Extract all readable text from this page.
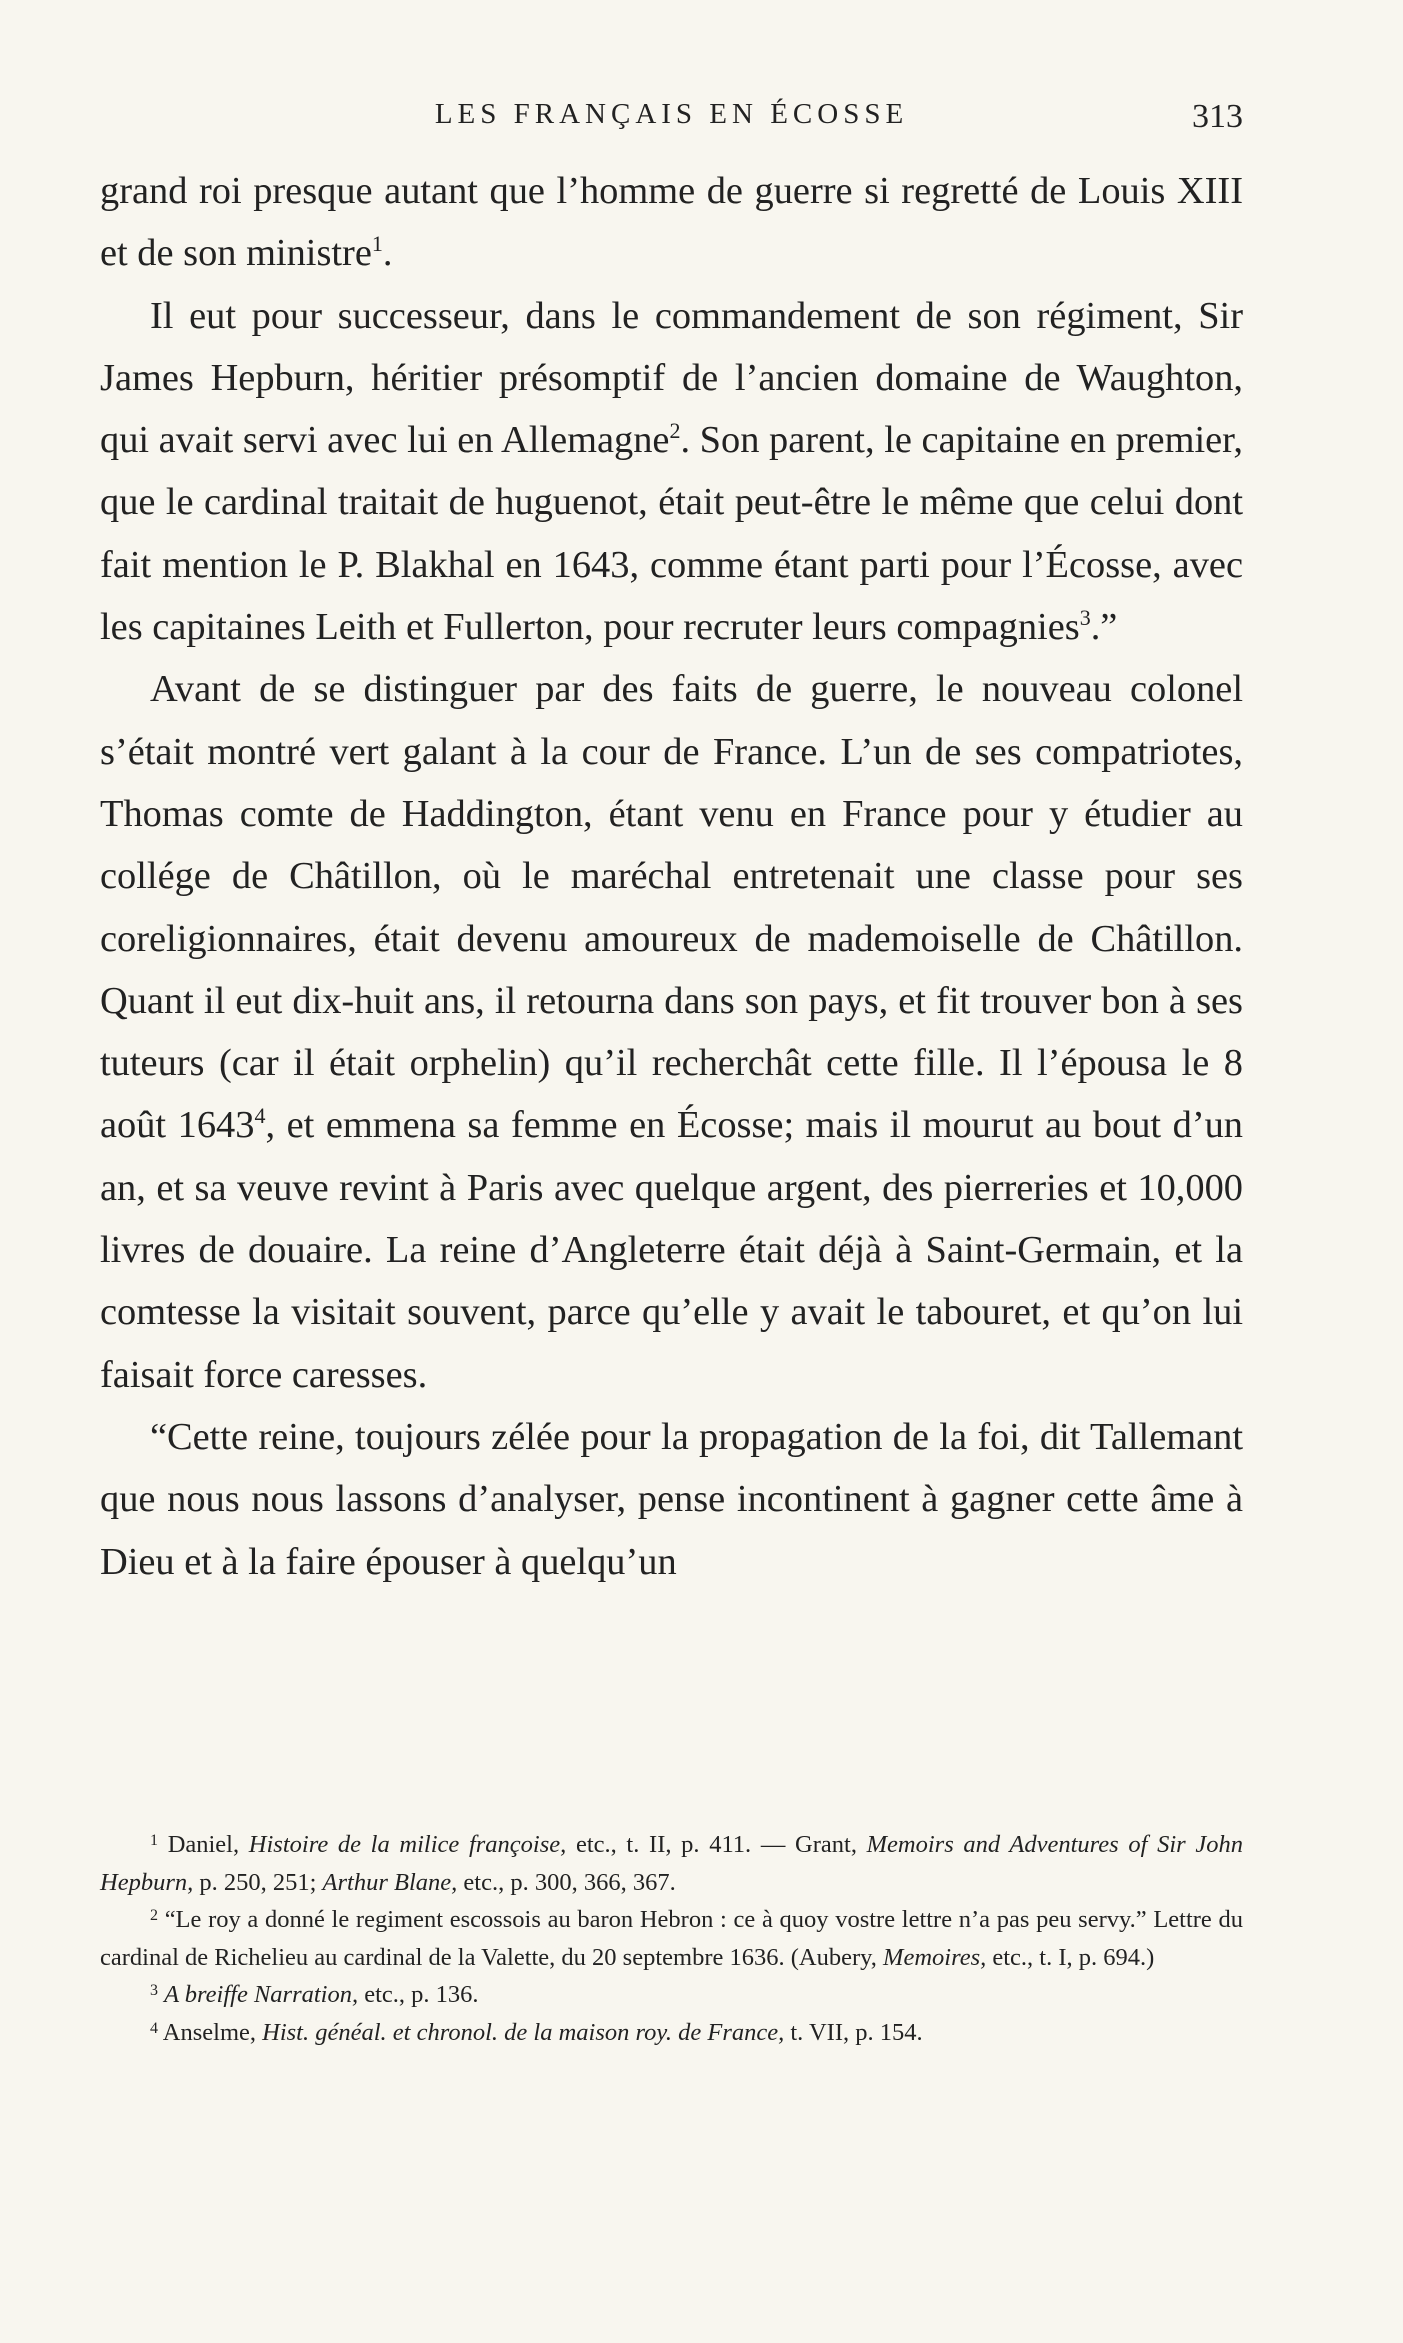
LES FRANÇAIS EN ÉCOSSE	313

grand roi presque autant que l’homme de guerre si regretté de Louis XIII et de son ministre$^1$.

Il eut pour successeur, dans le commandement de son régiment, Sir James Hepburn, héritier présomptif de l’ancien domaine de Waughton, qui avait servi avec lui en Allemagne$^2$. Son parent, le capitaine en premier, que le cardinal traitait de huguenot, était peut-être le même que celui dont fait mention le P. Blakhal en 1643, comme étant parti pour l’Écosse, avec les capitaines Leith et Fullerton, pour recruter leurs compagnies$^3$.”

Avant de se distinguer par des faits de guerre, le nouveau colonel s’était montré vert galant à la cour de France. L’un de ses compatriotes, Thomas comte de Haddington, étant venu en France pour y étudier au collége de Châtillon, où le maréchal entretenait une classe pour ses coreligionnaires, était devenu amoureux de mademoiselle de Châtillon. Quant il eut dix-huit ans, il retourna dans son pays, et fit trouver bon à ses tuteurs (car il était orphelin) qu’il recherchât cette fille. Il l’épousa le 8 août 1643$^4$, et emmena sa femme en Écosse; mais il mourut au bout d’un an, et sa veuve revint à Paris avec quelque argent, des pierreries et 10,000 livres de douaire. La reine d’Angleterre était déjà à Saint-Germain, et la comtesse la visitait souvent, parce qu’elle y avait le tabouret, et qu’on lui faisait force caresses.

“Cette reine, toujours zélée pour la propagation de la foi, dit Tallemant que nous nous lassons d’analyser, pense incontinent à gagner cette âme à Dieu et à la faire épouser à quelqu’un

$^1$ Daniel, Histoire de la milice françoise, etc., t. II, p. 411. — Grant, Memoirs and Adventures of Sir John Hepburn, p. 250, 251; Arthur Blane, etc., p. 300, 366, 367.

$^2$ “Le roy a donné le regiment escossois au baron Hebron : ce à quoy vostre lettre n’a pas peu servy.” Lettre du cardinal de Richelieu au cardinal de la Valette, du 20 septembre 1636. (Aubery, Memoires, etc., t. I, p. 694.)

$^3$ A breiffe Narration, etc., p. 136.

$^4$ Anselme, Hist. généal. et chronol. de la maison roy. de France, t. VII, p. 154.
